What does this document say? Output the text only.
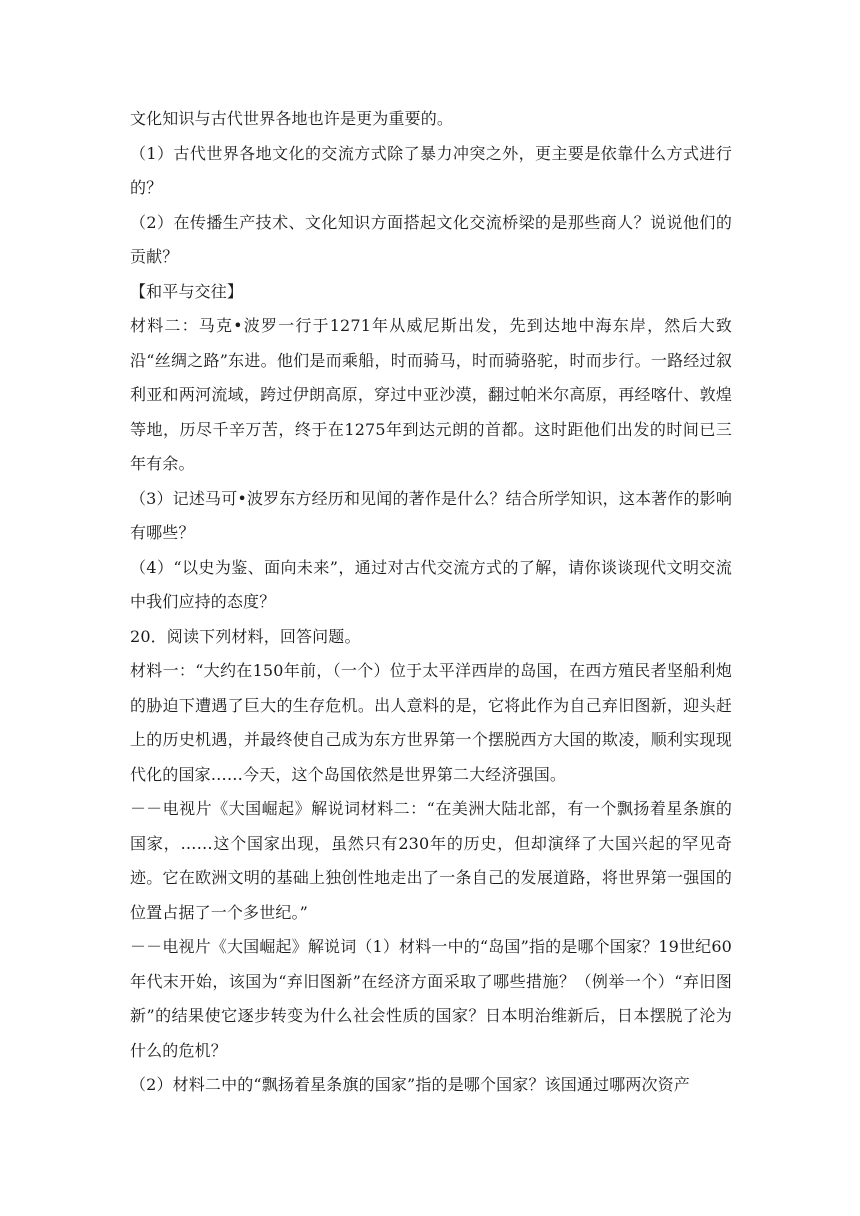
文化知识与古代世界各地也许是更为重要的。

（1）古代世界各地文化的交流方式除了暴力冲突之外，更主要是依靠什么方式进行的？

（2）在传播生产技术、文化知识方面搭起文化交流桥梁的是那些商人？说说他们的贡献？

【和平与交往】

材料二：马克•波罗一行于1271年从威尼斯出发，先到达地中海东岸，然后大致沿“丝绸之路”东进。他们是而乘船，时而骑马，时而骑骆驼，时而步行。一路经过叙利亚和两河流域，跨过伊朗高原，穿过中亚沙漠，翻过帕米尔高原，再经喀什、敦煌等地，历尽千辛万苦，终于在1275年到达元朗的首都。这时距他们出发的时间已三年有余。

（3）记述马可•波罗东方经历和见闻的著作是什么？结合所学知识，这本著作的影响有哪些？

（4）“以史为鉴、面向未来”，通过对古代交流方式的了解，请你谈谈现代文明交流中我们应持的态度？

20．阅读下列材料，回答问题。

材料一：“大约在150年前，（一个）位于太平洋西岸的岛国，在西方殖民者坚船利炮的胁迫下遭遇了巨大的生存危机。出人意料的是，它将此作为自己弃旧图新，迎头赶上的历史机遇，并最终使自己成为东方世界第一个摆脱西方大国的欺凌，顺利实现现代化的国家……今天，这个岛国依然是世界第二大经济强国。

－－电视片《大国崛起》解说词材料二：“在美洲大陆北部，有一个飘扬着星条旗的国家，……这个国家出现，虽然只有230年的历史，但却演绎了大国兴起的罕见奇迹。它在欧洲文明的基础上独创性地走出了一条自己的发展道路，将世界第一强国的位置占据了一个多世纪。”

－－电视片《大国崛起》解说词（1）材料一中的“岛国”指的是哪个国家？19世纪60年代末开始，该国为“弃旧图新”在经济方面采取了哪些措施？（例举一个）“弃旧图新”的结果使它逐步转变为什么社会性质的国家？日本明治维新后，日本摆脱了沦为什么的危机？

（2）材料二中的“飘扬着星条旗的国家”指的是哪个国家？该国通过哪两次资产
